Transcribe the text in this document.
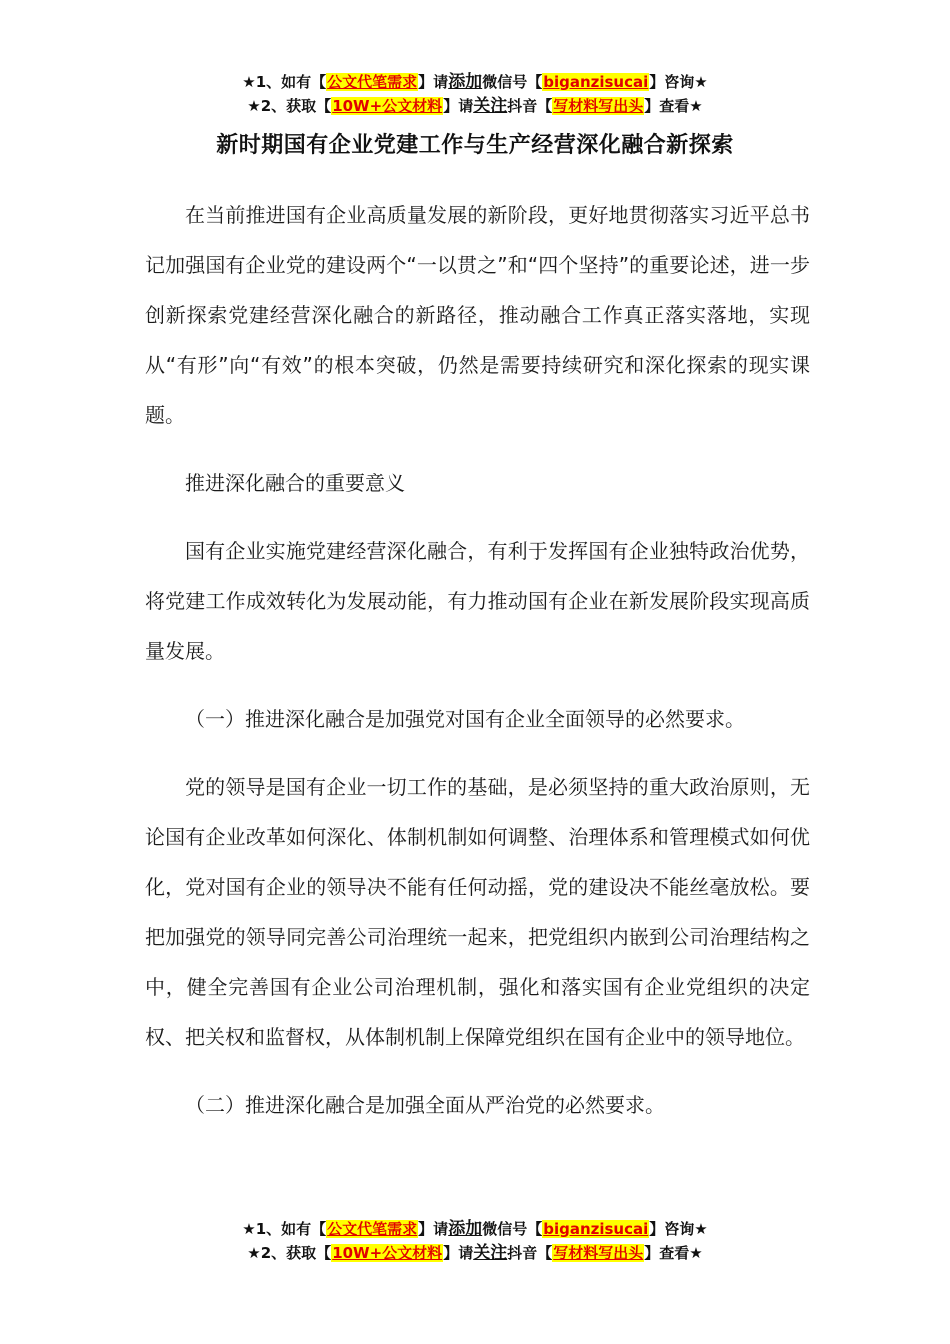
★1、如有【公文代笔需求】请添加微信号【biganzisucai】咨询★
★2、获取【10W+公文材料】请关注抖音【写材料写出头】查看★
新时期国有企业党建工作与生产经营深化融合新探索

在当前推进国有企业高质量发展的新阶段，更好地贯彻落实习近平总书记加强国有企业党的建设两个“一以贯之”和“四个坚持”的重要论述，进一步创新探索党建经营深化融合的新路径，推动融合工作真正落实落地，实现从“有形”向“有效”的根本突破，仍然是需要持续研究和深化探索的现实课题。

推进深化融合的重要意义

国有企业实施党建经营深化融合，有利于发挥国有企业独特政治优势，将党建工作成效转化为发展动能，有力推动国有企业在新发展阶段实现高质量发展。

（一）推进深化融合是加强党对国有企业全面领导的必然要求。

党的领导是国有企业一切工作的基础，是必须坚持的重大政治原则，无论国有企业改革如何深化、体制机制如何调整、治理体系和管理模式如何优化，党对国有企业的领导决不能有任何动摇，党的建设决不能丝毫放松。要把加强党的领导同完善公司治理统一起来，把党组织内嵌到公司治理结构之中，健全完善国有企业公司治理机制，强化和落实国有企业党组织的决定权、把关权和监督权，从体制机制上保障党组织在国有企业中的领导地位。

（二）推进深化融合是加强全面从严治党的必然要求。

★1、如有【公文代笔需求】请添加微信号【biganzisucai】咨询★
★2、获取【10W+公文材料】请关注抖音【写材料写出头】查看★
